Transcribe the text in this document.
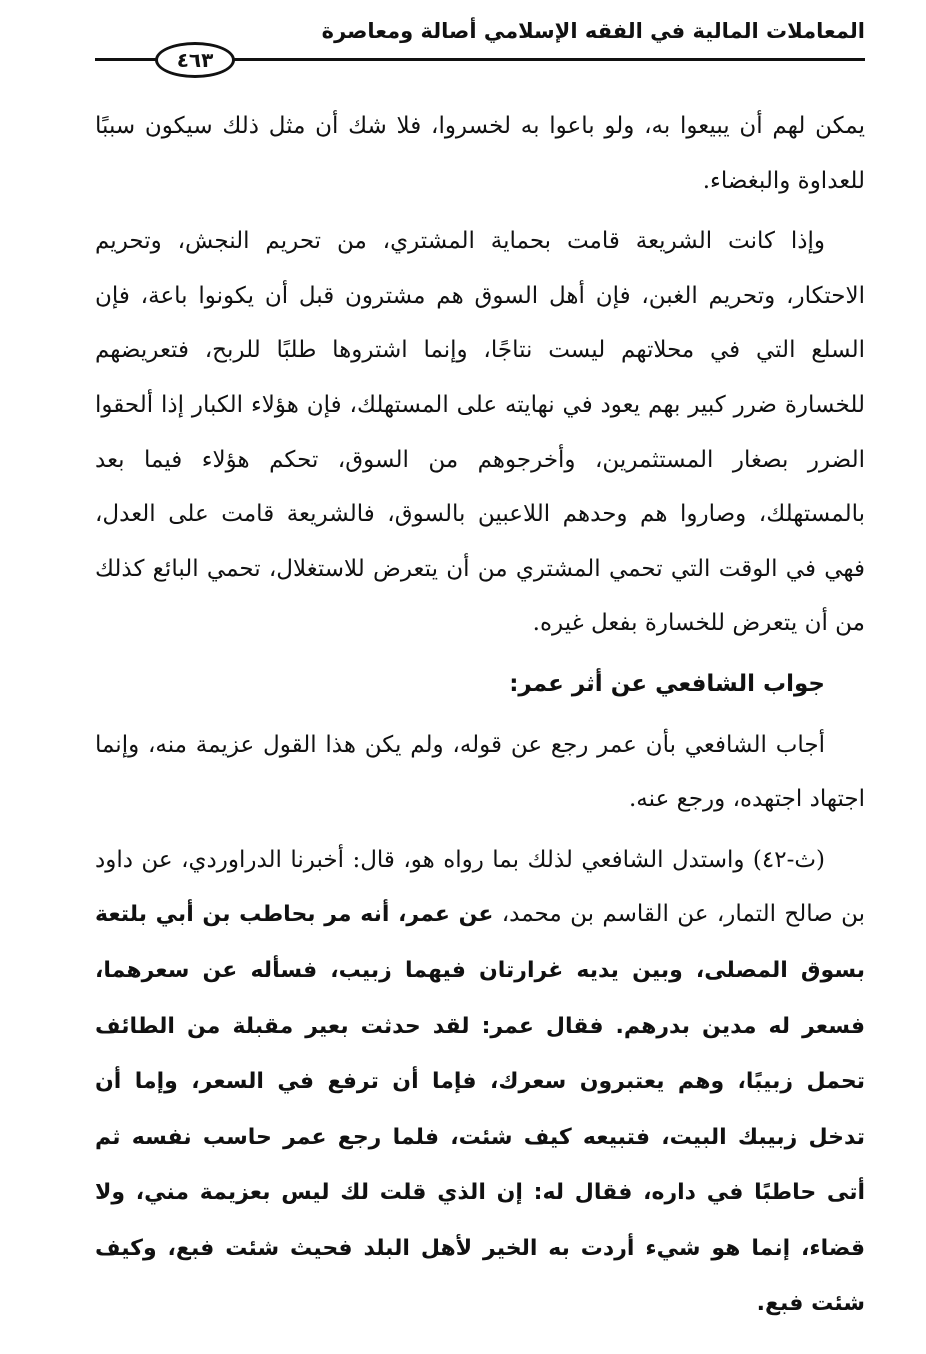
المعاملات المالية في الفقه الإسلامي أصالة ومعاصرة
٤٦٣

يمكن لهم أن يبيعوا به، ولو باعوا به لخسروا، فلا شك أن مثل ذلك سيكون سببًا للعداوة والبغضاء.

وإذا كانت الشريعة قامت بحماية المشتري، من تحريم النجش، وتحريم الاحتكار، وتحريم الغبن، فإن أهل السوق هم مشترون قبل أن يكونوا باعة، فإن السلع التي في محلاتهم ليست نتاجًا، وإنما اشتروها طلبًا للربح، فتعريضهم للخسارة ضرر كبير بهم يعود في نهايته على المستهلك، فإن هؤلاء الكبار إذا ألحقوا الضرر بصغار المستثمرين، وأخرجوهم من السوق، تحكم هؤلاء فيما بعد بالمستهلك، وصاروا هم وحدهم اللاعبين بالسوق، فالشريعة قامت على العدل، فهي في الوقت التي تحمي المشتري من أن يتعرض للاستغلال، تحمي البائع كذلك من أن يتعرض للخسارة بفعل غيره.

جواب الشافعي عن أثر عمر:

أجاب الشافعي بأن عمر رجع عن قوله، ولم يكن هذا القول عزيمة منه، وإنما اجتهاد اجتهده، ورجع عنه.

(ث-٤٢) واستدل الشافعي لذلك بما رواه هو، قال: أخبرنا الدراوردي، عن داود بن صالح التمار، عن القاسم بن محمد، عن عمر، أنه مر بحاطب بن أبي بلتعة بسوق المصلى، وبين يديه غرارتان فيهما زبيب، فسأله عن سعرهما، فسعر له مدين بدرهم. فقال عمر: لقد حدثت بعير مقبلة من الطائف تحمل زبيبًا، وهم يعتبرون سعرك، فإما أن ترفع في السعر، وإما أن تدخل زبيبك البيت، فتبيعه كيف شئت، فلما رجع عمر حاسب نفسه ثم أتى حاطبًا في داره، فقال له: إن الذي قلت لك ليس بعزيمة مني، ولا قضاء، إنما هو شيء أردت به الخير لأهل البلد فحيث شئت فبع، وكيف شئت فبع.
